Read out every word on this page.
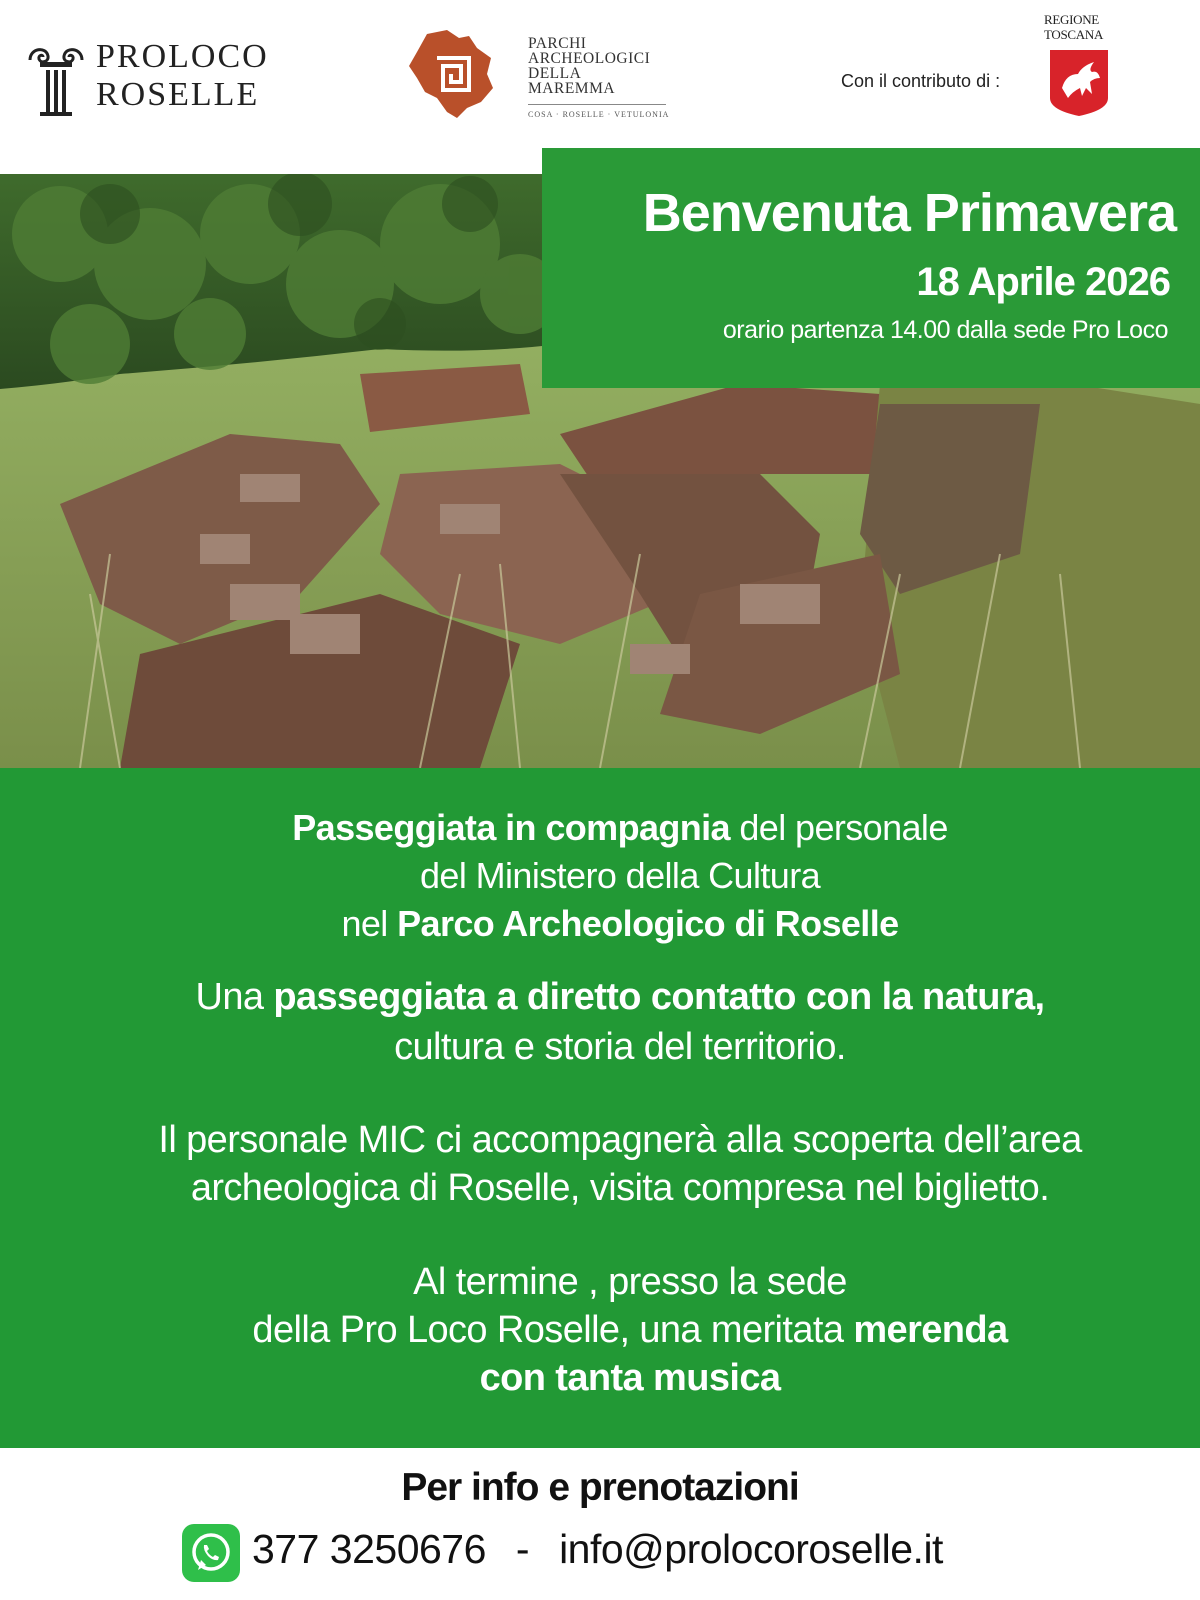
PROLOCO
ROSELLE
PARCHI
ARCHEOLOGICI
DELLA
MAREMMA
COSA · ROSELLE · VETULONIA
Con il contributo di :
REGIONE
TOSCANA
Benvenuta Primavera
18 Aprile 2026
orario partenza 14.00 dalla sede Pro Loco

Passeggiata in compagnia del personale
del Ministero della Cultura
nel Parco Archeologico di Roselle

Una passeggiata a diretto contatto con la natura,
cultura e storia del territorio.

Il personale MIC ci accompagnerà alla scoperta dell’area
archeologica di Roselle, visita compresa nel biglietto.

Al termine , presso la sede
della Pro Loco Roselle, una meritata merenda
con tanta musica

Per info e prenotazioni
377 3250676 - info@prolocoroselle.it
